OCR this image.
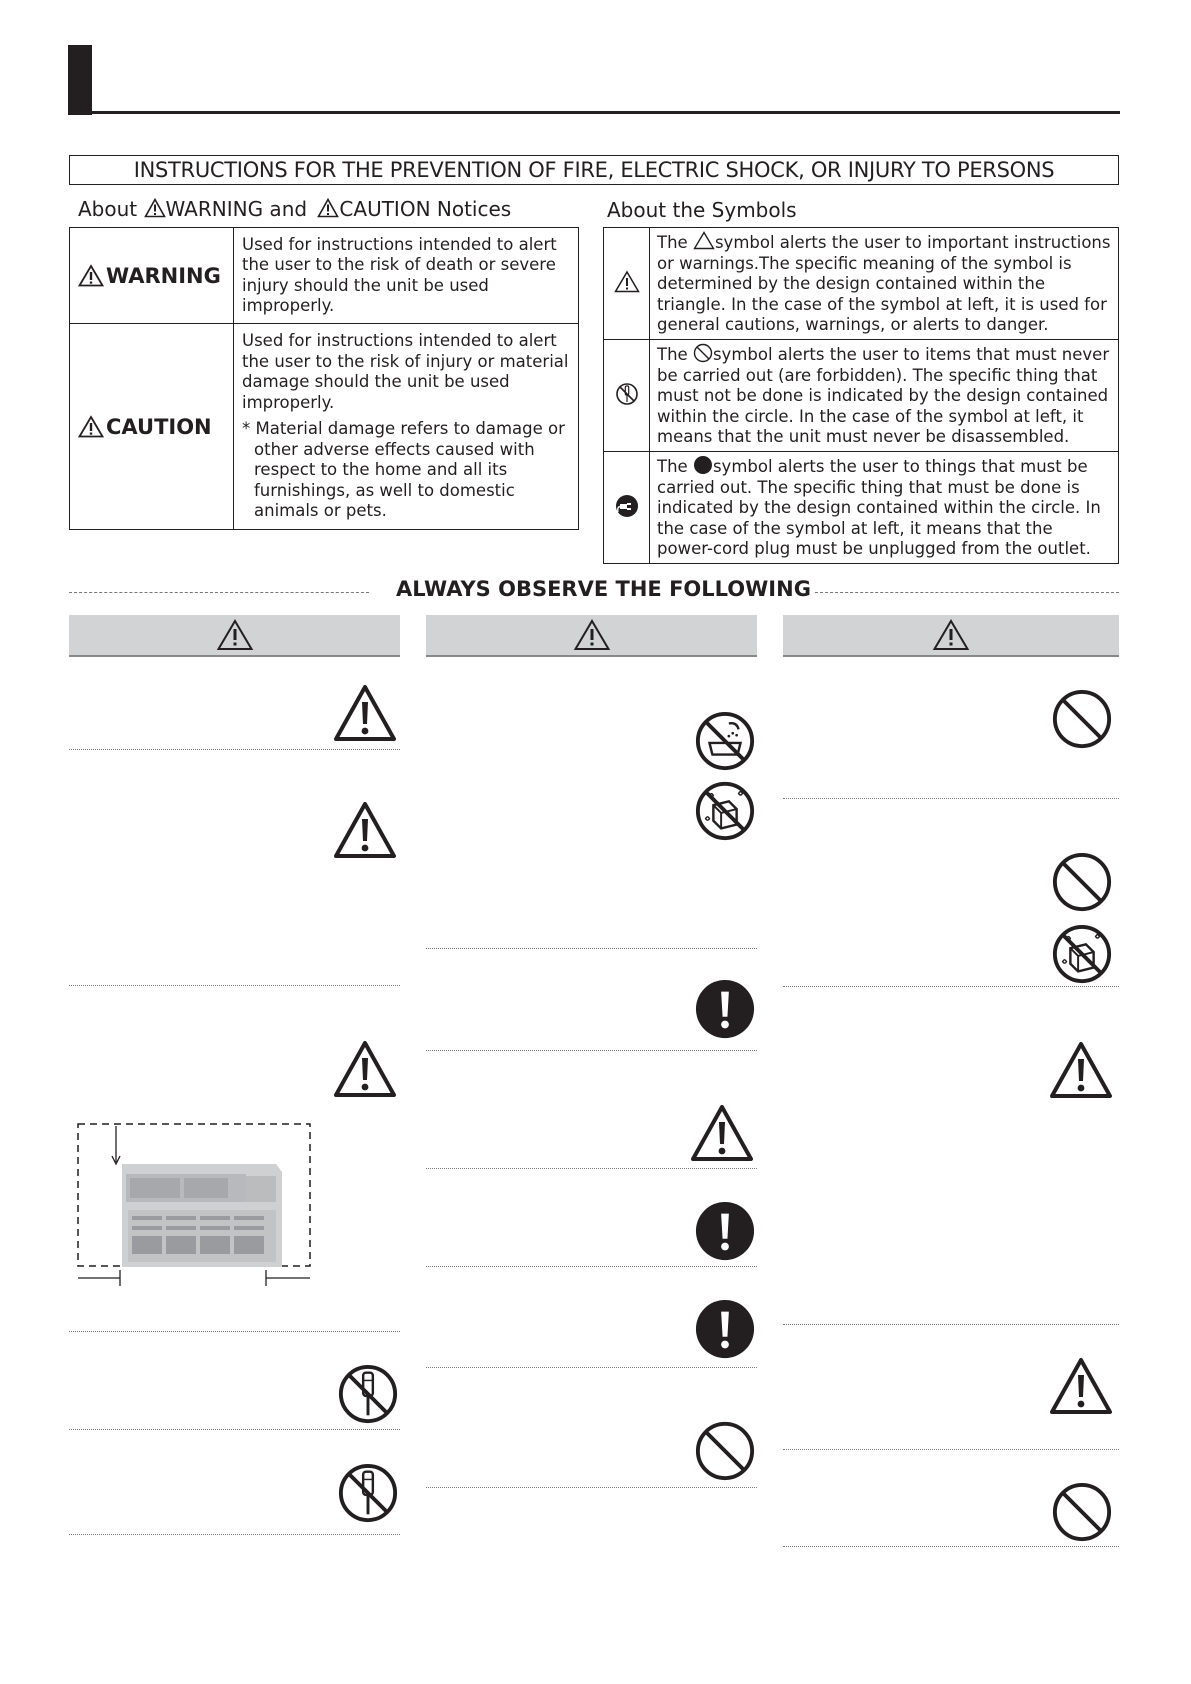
INSTRUCTIONS FOR THE PREVENTION OF FIRE, ELECTRIC SHOCK, OR INJURY TO PERSONS
About WARNING and CAUTION Notices
WARNING	Used for instructions intended to alert the user to the risk of death or severe injury should the unit be used improperly.
CAUTION	Used for instructions intended to alert the user to the risk of injury or material damage should the unit be used improperly.
* Material damage refers to damage or other adverse effects caused with respect to the home and all its furnishings, as well to domestic animals or pets.
About the Symbols
	The symbol alerts the user to important instructions or warnings.The specific meaning of the symbol is determined by the design contained within the triangle. In the case of the symbol at left, it is used for general cautions, warnings, or alerts to danger.
	The symbol alerts the user to items that must never be carried out (are forbidden). The specific thing that must not be done is indicated by the design contained within the circle. In the case of the symbol at left, it means that the unit must never be disassembled.
	The symbol alerts the user to things that must be carried out. The specific thing that must be done is indicated by the design contained within the circle. In the case of the symbol at left, it means that the power-cord plug must be unplugged from the outlet.
ALWAYS OBSERVE THE FOLLOWING
